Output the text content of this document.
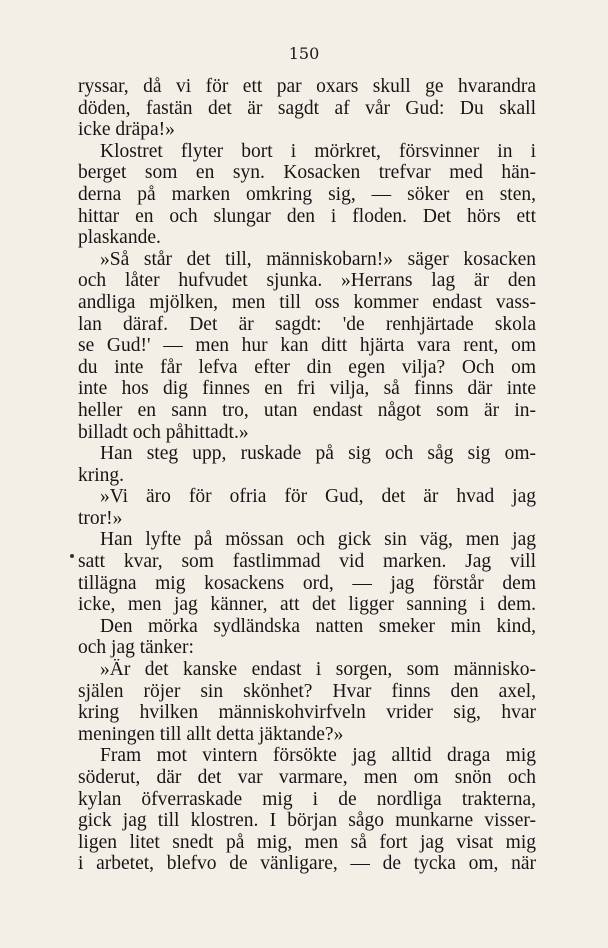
150
ryssar, då vi för ett par oxars skull ge hvarandra
döden, fastän det är sagdt af vår Gud: Du skall
icke dräpa!»
Klostret flyter bort i mörkret, försvinner in i
berget som en syn. Kosacken trefvar med hän-
derna på marken omkring sig, — söker en sten,
hittar en och slungar den i floden. Det hörs ett
plaskande.
»Så står det till, människobarn!» säger kosacken
och låter hufvudet sjunka. »Herrans lag är den
andliga mjölken, men till oss kommer endast vass-
lan däraf. Det är sagdt: 'de renhjärtade skola
se Gud!' — men hur kan ditt hjärta vara rent, om
du inte får lefva efter din egen vilja? Och om
inte hos dig finnes en fri vilja, så finns där inte
heller en sann tro, utan endast något som är in-
billadt och påhittadt.»
Han steg upp, ruskade på sig och såg sig om-
kring.
»Vi äro för ofria för Gud, det är hvad jag
tror!»
Han lyfte på mössan och gick sin väg, men jag
satt kvar, som fastlimmad vid marken. Jag vill
tillägna mig kosackens ord, — jag förstår dem
icke, men jag känner, att det ligger sanning i dem.
Den mörka sydländska natten smeker min kind,
och jag tänker:
»Är det kanske endast i sorgen, som människo-
själen röjer sin skönhet? Hvar finns den axel,
kring hvilken människohvirfveln vrider sig, hvar
meningen till allt detta jäktande?»
Fram mot vintern försökte jag alltid draga mig
söderut, där det var varmare, men om snön och
kylan öfverraskade mig i de nordliga trakterna,
gick jag till klostren. I början sågo munkarne visser-
ligen litet snedt på mig, men så fort jag visat mig
i arbetet, blefvo de vänligare, — de tycka om, när
